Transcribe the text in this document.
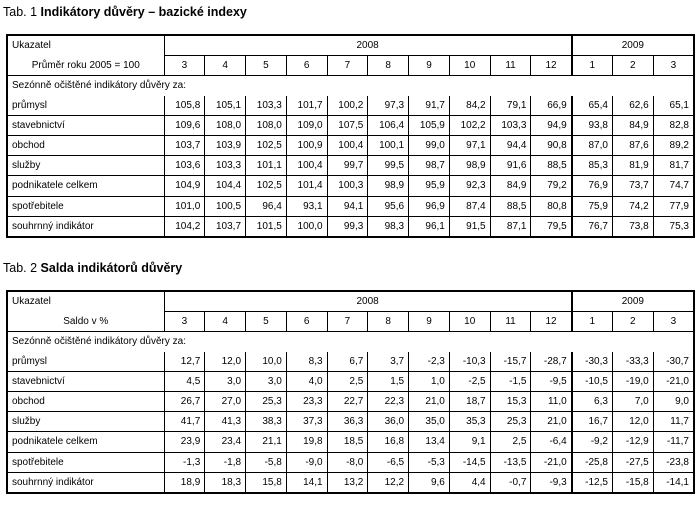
Tab. 1 Indikátory důvěry – bazické indexy
Ukazatel	2008										2009		
Průměr roku 2005 = 100	3	4	5	6	7	8	9	10	11	12	1	2	3
Sezónně očištěné indikátory důvěry za:													
průmysl	105,8	105,1	103,3	101,7	100,2	97,3	91,7	84,2	79,1	66,9	65,4	62,6	65,1
stavebnictví	109,6	108,0	108,0	109,0	107,5	106,4	105,9	102,2	103,3	94,9	93,8	84,9	82,8
obchod	103,7	103,9	102,5	100,9	100,4	100,1	99,0	97,1	94,4	90,8	87,0	87,6	89,2
služby	103,6	103,3	101,1	100,4	99,7	99,5	98,7	98,9	91,6	88,5	85,3	81,9	81,7
podnikatele celkem	104,9	104,4	102,5	101,4	100,3	98,9	95,9	92,3	84,9	79,2	76,9	73,7	74,7
spotřebitele	101,0	100,5	96,4	93,1	94,1	95,6	96,9	87,4	88,5	80,8	75,9	74,2	77,9
souhrnný indikátor	104,2	103,7	101,5	100,0	99,3	98,3	96,1	91,5	87,1	79,5	76,7	73,8	75,3
Tab. 2 Salda indikátorů důvěry
Ukazatel	2008										2009		
Saldo v %	3	4	5	6	7	8	9	10	11	12	1	2	3
Sezónně očištěné indikátory důvěry za:													
průmysl	12,7	12,0	10,0	8,3	6,7	3,7	-2,3	-10,3	-15,7	-28,7	-30,3	-33,3	-30,7
stavebnictví	4,5	3,0	3,0	4,0	2,5	1,5	1,0	-2,5	-1,5	-9,5	-10,5	-19,0	-21,0
obchod	26,7	27,0	25,3	23,3	22,7	22,3	21,0	18,7	15,3	11,0	6,3	7,0	9,0
služby	41,7	41,3	38,3	37,3	36,3	36,0	35,0	35,3	25,3	21,0	16,7	12,0	11,7
podnikatele celkem	23,9	23,4	21,1	19,8	18,5	16,8	13,4	9,1	2,5	-6,4	-9,2	-12,9	-11,7
spotřebitele	-1,3	-1,8	-5,8	-9,0	-8,0	-6,5	-5,3	-14,5	-13,5	-21,0	-25,8	-27,5	-23,8
souhrnný indikátor	18,9	18,3	15,8	14,1	13,2	12,2	9,6	4,4	-0,7	-9,3	-12,5	-15,8	-14,1
